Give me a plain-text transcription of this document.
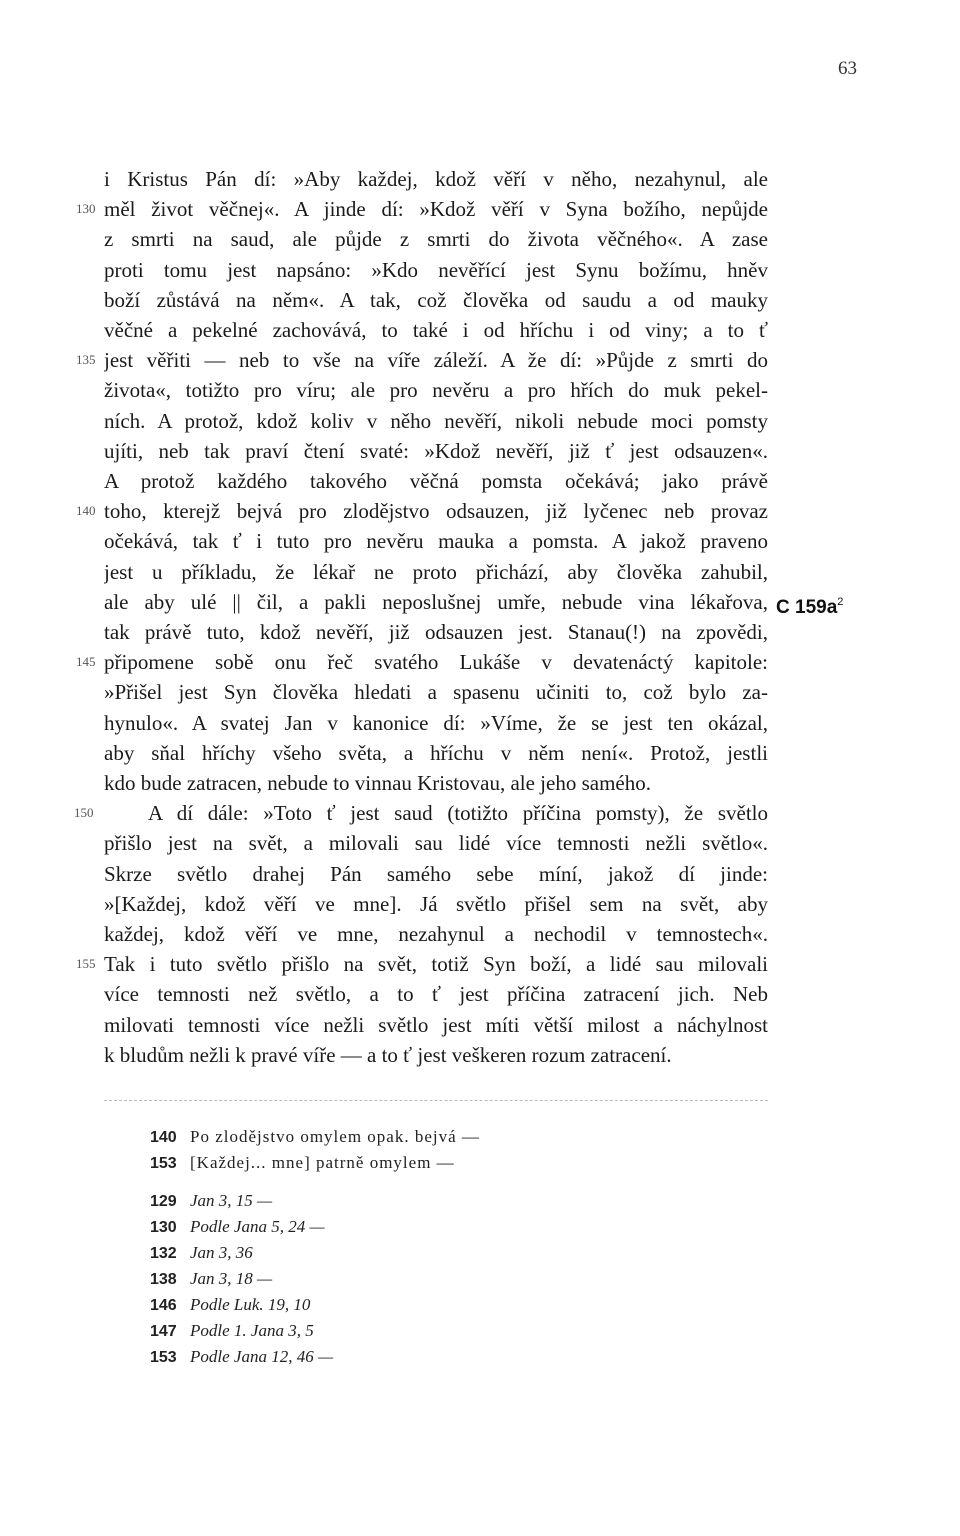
63
i Kristus Pán dí: »Aby každej, kdož věří v něho, nezahynul, ale
130 měl život věčnej«. A jinde dí: »Kdož věří v Syna božího, nepůjde
z smrti na saud, ale půjde z smrti do života věčného«. A zase
proti tomu jest napsáno: »Kdo nevěřící jest Synu božímu, hněv
boží zůstává na něm«. A tak, což člověka od saudu a od mauky
věčné a pekelné zachovává, to také i od hříchu i od viny; a to ť
135 jest věřiti — neb to vše na víře záleží. A že dí: »Půjde z smrti do
života«, totižto pro víru; ale pro nevěru a pro hřích do muk pekel-
ních. A protož, kdož koliv v něho nevěří, nikoli nebude moci pomsty
ujíti, neb tak praví čtení svaté: »Kdož nevěří, již ť jest odsauzen«.
A protož každého takového věčná pomsta očekává; jako právě
140 toho, kterejž bejvá pro zlodějstvo odsauzen, již lyčenec neb provaz
očekává, tak ť i tuto pro nevěru mauka a pomsta. A jakož praveno
jest u příkladu, že lékař ne proto přichází, aby člověka zahubil,
ale aby ulé || čil, a pakli neposlušnej umře, nebude vina lékařova,
tak právě tuto, kdož nevěří, již odsauzen jest. Stanau(!) na zpovědi,
145 připomene sobě onu řeč svatého Lukáše v devatenáctý kapitole:
»Přišel jest Syn člověka hledati a spasenu učiniti to, což bylo za-
hynulo«. A svatej Jan v kanonice dí: »Víme, že se jest ten okázal,
aby sňal hříchy všeho světa, a hříchu v něm není«. Protož, jestli
kdo bude zatracen, nebude to vinnau Kristovau, ale jeho samého.
150	A dí dále: »Toto ť jest saud (totižto příčina pomsty), že světlo
přišlo jest na svět, a milovali sau lidé více temnosti nežli světlo«.
Skrze světlo drahej Pán samého sebe míní, jakož dí jinde:
»[Každej, kdož věří ve mne]. Já světlo přišel sem na svět, aby
každej, kdož věří ve mne, nezahynul a nechodil v temnostech«.
155 Tak i tuto světlo přišlo na svět, totiž Syn boží, a lidé sau milovali
více temnosti než světlo, a to ť jest příčina zatracení jich. Neb
milovati temnosti více nežli světlo jest míti větší milost a náchylnost
k bludům nežli k pravé víře — a to ť jest veškeren rozum zatracení.
C $159a^2$
140 Po zlodějstvo omylem opak. bejvá —
153 [Každej... mne] patrně omylem —
129 Jan 3, 15 —
130 Podle Jana 5, 24 —
132 Jan 3, 36
138 Jan 3, 18 —
146 Podle Luk. 19, 10
147 Podle 1. Jana 3, 5
153 Podle Jana 12, 46 —
